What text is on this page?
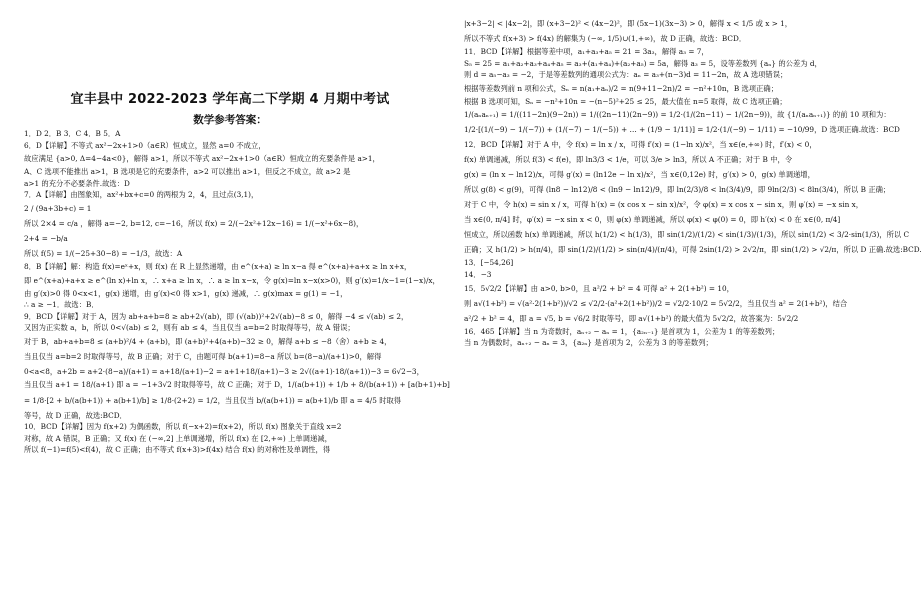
宜丰县中 2022-2023 学年高二下学期 4 月期中考试
数学参考答案：
1．D 2．B 3．C 4．B 5．A
6．D【详解】不等式 ax²−2x+1>0（a∈R）恒成立，显然 a=0 不成立，
故应满足 {a>0, Δ=4−4a<0}，解得 a>1，所以不等式 ax²−2x+1>0（a∈R）恒成立的充要条件是 a>1，
A、C 选项不能推出 a>1，B 选项是它的充要条件，a>2 可以推出 a>1，但反之不成立，故 a>2 是
a>1 的充分不必要条件.故选：D
7．A【详解】由图象知，ax²+bx+c=0 的两根为 2，4，且过点(3,1)，
2 / (9a+3b+c) = 1
所以 2×4 = c/a ，解得 a=−2, b=12, c=−16，所以 f(x) = 2/(−2x²+12x−16) = 1/(−x²+6x−8)，
2+4 = −b/a
所以 f(5) = 1/(−25+30−8) = −1/3，故选：A
8．B【详解】解：构造 f(x)=eˣ+x，则 f(x) 在 R 上显然递增，由 e^(x+a) ≥ ln x−a 得 e^(x+a)+a+x ≥ ln x+x，
即 e^(x+a)+a+x ≥ e^(ln x)+ln x，∴ x+a ≥ ln x，∴ a ≥ ln x−x，令 g(x)=ln x−x(x>0)，则 g′(x)=1/x−1=(1−x)/x，
由 g′(x)>0 得 0<x<1，g(x) 递增，由 g′(x)<0 得 x>1，g(x) 递减，∴ g(x)max = g(1) = −1，
∴ a ≥ −1．故选：B．
9．BCD【详解】对于 A，因为 ab+a+b=8 ≥ ab+2√(ab)，即 (√(ab))²+2√(ab)−8 ≤ 0，解得 −4 ≤ √(ab) ≤ 2，
又因为正实数 a，b，所以 0<√(ab) ≤ 2，则有 ab ≤ 4，当且仅当 a=b=2 时取得等号，故 A 错误；
对于 B，ab+a+b=8 ≤ (a+b)²/4 + (a+b)，即 (a+b)²+4(a+b)−32 ≥ 0，解得 a+b ≤ −8（舍）a+b ≥ 4，
当且仅当 a=b=2 时取得等号，故 B 正确；对于 C，由题可得 b(a+1)=8−a 所以 b=(8−a)/(a+1)>0，解得
0<a<8，a+2b = a+2·(8−a)/(a+1) = a+18/(a+1)−2 = a+1+18/(a+1)−3 ≥ 2√((a+1)·18/(a+1))−3 = 6√2−3，
当且仅当 a+1 = 18/(a+1) 即 a = −1+3√2 时取得等号，故 C 正确；对于 D，1/(a(b+1)) + 1/b + 8/(b(a+1)) + [a(b+1)+b]
= 1/8·[2 + b/(a(b+1)) + a(b+1)/b] ≥ 1/8·(2+2) = 1/2，当且仅当 b/(a(b+1)) = a(b+1)/b 即 a = 4/5 时取得
等号，故 D 正确，故选:BCD．
10．BCD【详解】因为 f(x+2) 为偶函数，所以 f(−x+2)=f(x+2)，所以 f(x) 图象关于直线 x=2
对称，故 A 错误，B 正确；又 f(x) 在 (−∞,2] 上单调递增，所以 f(x) 在 [2,+∞) 上单调递减，
所以 f(−1)=f(5)<f(4)，故 C 正确；由不等式 f(x+3)>f(4x) 结合 f(x) 的对称性及单调性，得
|x+3−2| < |4x−2|，即 (x+3−2)² < (4x−2)²，即 (5x−1)(3x−3) > 0，解得 x < 1/5 或 x > 1，
所以不等式 f(x+3) > f(4x) 的解集为 (−∞, 1/5)∪(1,+∞)，故 D 正确，故选：BCD．
11．BCD【详解】根据等差中项，a₁+a₃+a₅ = 21 = 3a₃，解得 a₃ = 7，
S₅ = 25 = a₁+a₂+a₃+a₄+a₅ = a₃+(a₁+a₄)+(a₂+a₅) = 5a，解得 a₃ = 5，设等差数列 {aₙ} 的公差为 d，
则 d = a₅−a₃ = −2，于是等差数列的通项公式为：aₙ = a₃+(n−3)d = 11−2n，故 A 选项错误；
根据等差数列前 n 项和公式，Sₙ = n(a₁+aₙ)/2 = n(9+11−2n)/2 = −n²+10n，B 选项正确；
根据 B 选项可知，Sₙ = −n²+10n = −(n−5)²+25 ≤ 25，最大值在 n=5 取得，故 C 选项正确；
1/(aₙaₙ₊₁) = 1/((11−2n)(9−2n)) = 1/((2n−11)(2n−9)) = 1/2·(1/(2n−11) − 1/(2n−9))，故 {1/(aₙaₙ₊₁)} 的前 10 项和为：
1/2·[(1/(−9) − 1/(−7)) + (1/(−7) − 1/(−5)) + … + (1/9 − 1/11)] = 1/2·(1/(−9) − 1/11) = −10/99，D 选项正确.故选：BCD
12．BCD【详解】对于 A 中，令 f(x) = ln x / x，可得 f′(x) = (1−ln x)/x²，当 x∈(e,+∞) 时，f′(x) < 0，
f(x) 单调递减，所以 f(3) < f(e)，即 ln3/3 < 1/e，可以 3/e > ln3，所以 A 不正确；对于 B 中，令
g(x) = (ln x − ln12)/x，可得 g′(x) = (ln12e − ln x)/x²，当 x∈(0,12e) 时，g′(x) > 0，g(x) 单调递增，
所以 g(8) < g(9)，可得 (ln8 − ln12)/8 < (ln9 − ln12)/9，即 ln(2/3)/8 < ln(3/4)/9，即 9ln(2/3) < 8ln(3/4)，所以 B 正确；
对于 C 中，令 h(x) = sin x / x，可得 h′(x) = (x cos x − sin x)/x²，令 φ(x) = x cos x − sin x，则 φ′(x) = −x sin x，
当 x∈(0, π/4] 时，φ′(x) = −x sin x < 0，则 φ(x) 单调递减，所以 φ(x) < φ(0) = 0，即 h′(x) < 0 在 x∈(0, π/4]
恒成立，所以函数 h(x) 单调递减，所以 h(1/2) < h(1/3)，即 sin(1/2)/(1/2) < sin(1/3)/(1/3)，所以 sin(1/2) < 3/2·sin(1/3)，所以 C
正确；又 h(1/2) > h(π/4)，即 sin(1/2)/(1/2) > sin(π/4)/(π/4)，可得 2sin(1/2) > 2√2/π，即 sin(1/2) > √2/π，所以 D 正确.故选:BCD.
13．[−54,26]
14．−3
15．5√2/2【详解】由 a>0, b>0，且 a²/2 + b² = 4 可得 a² + 2(1+b²) = 10，
则 a√(1+b²) = √(a²·2(1+b²))/√2 ≤ √2/2·(a²+2(1+b²))/2 = √2/2·10/2 = 5√2/2，当且仅当 a² = 2(1+b²)，结合
a²/2 + b² = 4，即 a = √5, b = √6/2 时取等号，即 a√(1+b²) 的最大值为 5√2/2，故答案为：5√2/2
16．465【详解】当 n 为奇数时，aₙ₊₂ − aₙ = 1，{a₂ₙ₋₁} 是首项为 1，公差为 1 的等差数列；
当 n 为偶数时，aₙ₊₂ − aₙ = 3，{a₂ₙ} 是首项为 2，公差为 3 的等差数列；
